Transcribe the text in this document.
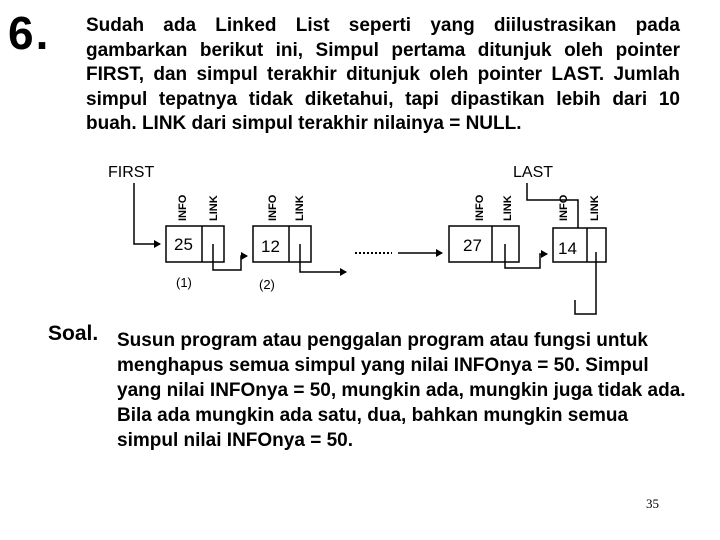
6. Sudah ada Linked List seperti yang diilustrasikan pada gambarkan berikut ini, Simpul pertama ditunjuk oleh pointer FIRST, dan simpul terakhir ditunjuk oleh pointer LAST. Jumlah simpul tepatnya tidak diketahui, tapi dipastikan lebih dari 10 buah. LINK dari simpul terakhir nilainya = NULL.
FIRST	LAST
25
(1)
INFO LINK
12
(2)
INFO LINK
27
INFO LINK
14
INFO LINK
Soal. Susun program atau penggalan program atau fungsi untuk menghapus semua simpul yang nilai INFOnya = 50. Simpul yang nilai INFOnya = 50, mungkin ada, mungkin juga tidak ada. Bila ada mungkin ada satu, dua, bahkan mungkin semua simpul nilai INFOnya = 50.
35
